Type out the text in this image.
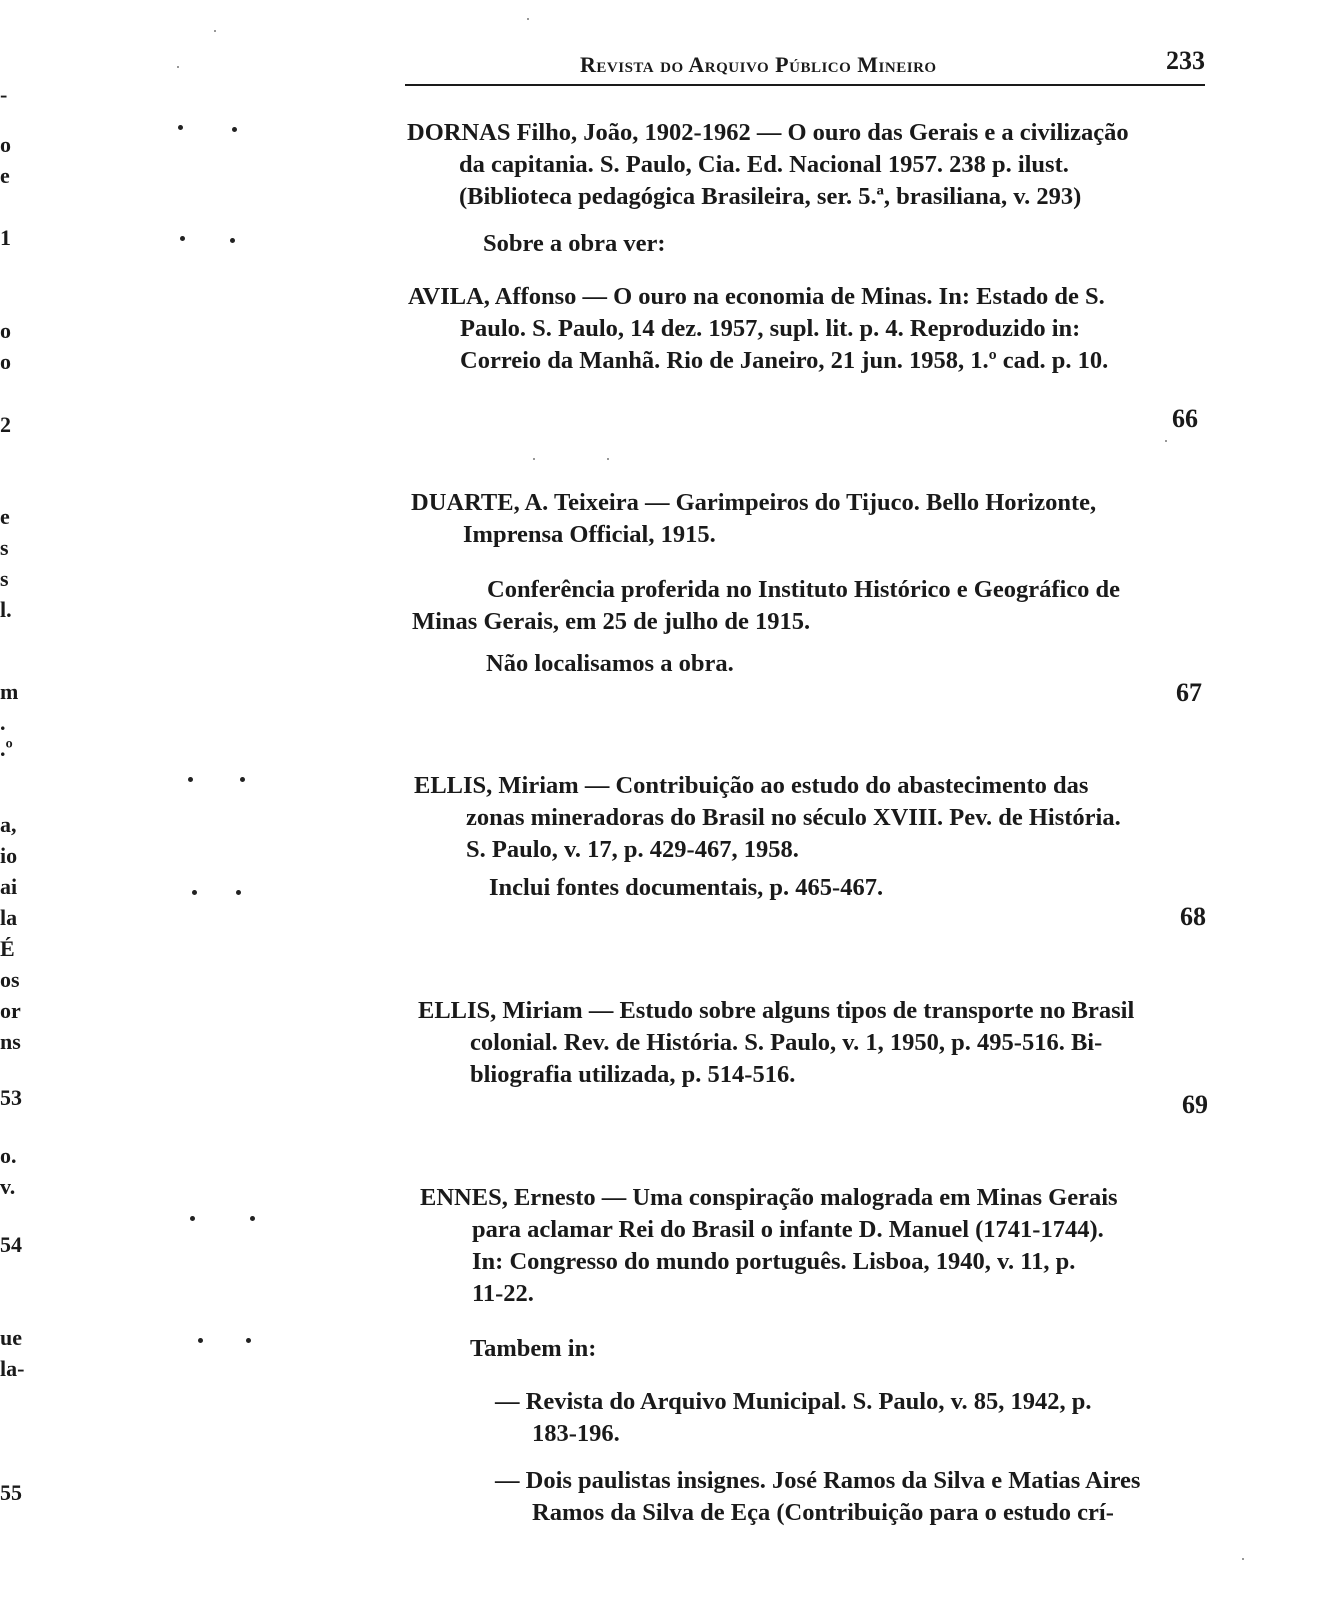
-
o
e
1
o
o
2
e
s
s
l.
m
.
.º
a,
io
ai
la
É
os
or
ns
53
o.
v.
54
ue
la-
55
Revista do Arquivo Público Mineiro	233
DORNAS Filho, João, 1902-1962 — O ouro das Gerais e a civilização
da capitania. S. Paulo, Cia. Ed. Nacional 1957. 238 p. ilust.
(Biblioteca pedagógica Brasileira, ser. 5.ª, brasiliana, v. 293)
Sobre a obra ver:
AVILA, Affonso — O ouro na economia de Minas. In: Estado de S.
Paulo. S. Paulo, 14 dez. 1957, supl. lit. p. 4. Reproduzido in:
Correio da Manhã. Rio de Janeiro, 21 jun. 1958, 1.º cad. p. 10.
66
DUARTE, A. Teixeira — Garimpeiros do Tijuco. Bello Horizonte,
Imprensa Official, 1915.
Conferência proferida no Instituto Histórico e Geográfico de
Minas Gerais, em 25 de julho de 1915.
Não localisamos a obra.
67
ELLIS, Miriam — Contribuição ao estudo do abastecimento das
zonas mineradoras do Brasil no século XVIII. Pev. de História.
S. Paulo, v. 17, p. 429-467, 1958.
Inclui fontes documentais, p. 465-467.
68
ELLIS, Miriam — Estudo sobre alguns tipos de transporte no Brasil
colonial. Rev. de História. S. Paulo, v. 1, 1950, p. 495-516. Bi-
bliografia utilizada, p. 514-516.
69
ENNES, Ernesto — Uma conspiração malograda em Minas Gerais
para aclamar Rei do Brasil o infante D. Manuel (1741-1744).
In: Congresso do mundo português. Lisboa, 1940, v. 11, p.
11-22.
Tambem in:
— Revista do Arquivo Municipal. S. Paulo, v. 85, 1942, p.
183-196.
— Dois paulistas insignes. José Ramos da Silva e Matias Aires
Ramos da Silva de Eça (Contribuição para o estudo crí-
